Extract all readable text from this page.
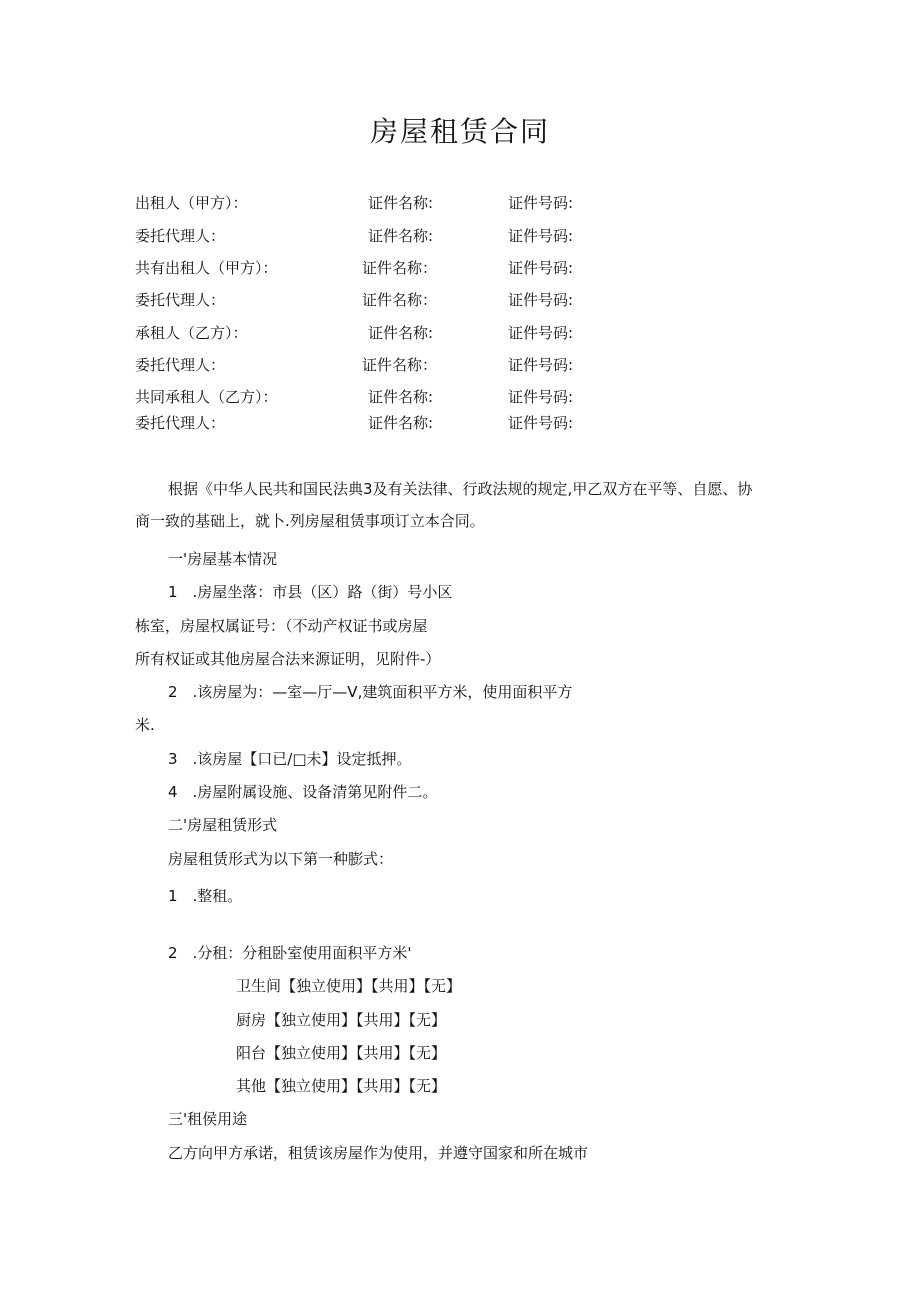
房屋租赁合同
出租人（甲方）：	证件名称:	证件号码:
委托代理人：	证件名称:	证件号码:
共有出租人（甲方）：	证件名称：	证件号码:
委托代理人：	证件名称：	证件号码:
承租人（乙方）：	证件名称:	证件号码:
委托代理人：	证件名称：	证件号码:
共同承租人（乙方）：	证件名称:	证件号码:
委托代理人：	证件名称:	证件号码:
根据《中华人民共和国民法典3及有关法律、行政法规的规定,甲乙双方在平等、自愿、协
商一致的基础上，就卜.列房屋租赁事项订立本合同。
一'房屋基本情况
1　.房屋坐落：市县（区）路（街）号小区
栋室，房屋权属证号：（不动产权证书或房屋
所有权证或其他房屋合法来源证明，见附件-）
2　.该房屋为：—室—厅—V,建筑面积平方米，使用面积平方
米.
3　.该房屋【口已/□未】设定抵押。
4　.房屋附属设施、设备清第见附件二。
二'房屋租赁形式
房屋租赁形式为以下第一种膨式：
1　.整租。
2　.分租：分租卧室使用面积平方米'
卫生间【独立使用】【共用】【无】
厨房【独立使用】【共用】【无】
阳台【独立使用】【共用】【无】
其他【独立使用】【共用】【无】
三'租侯用途
乙方向甲方承诺，租赁该房屋作为使用，并遵守国家和所在城市
